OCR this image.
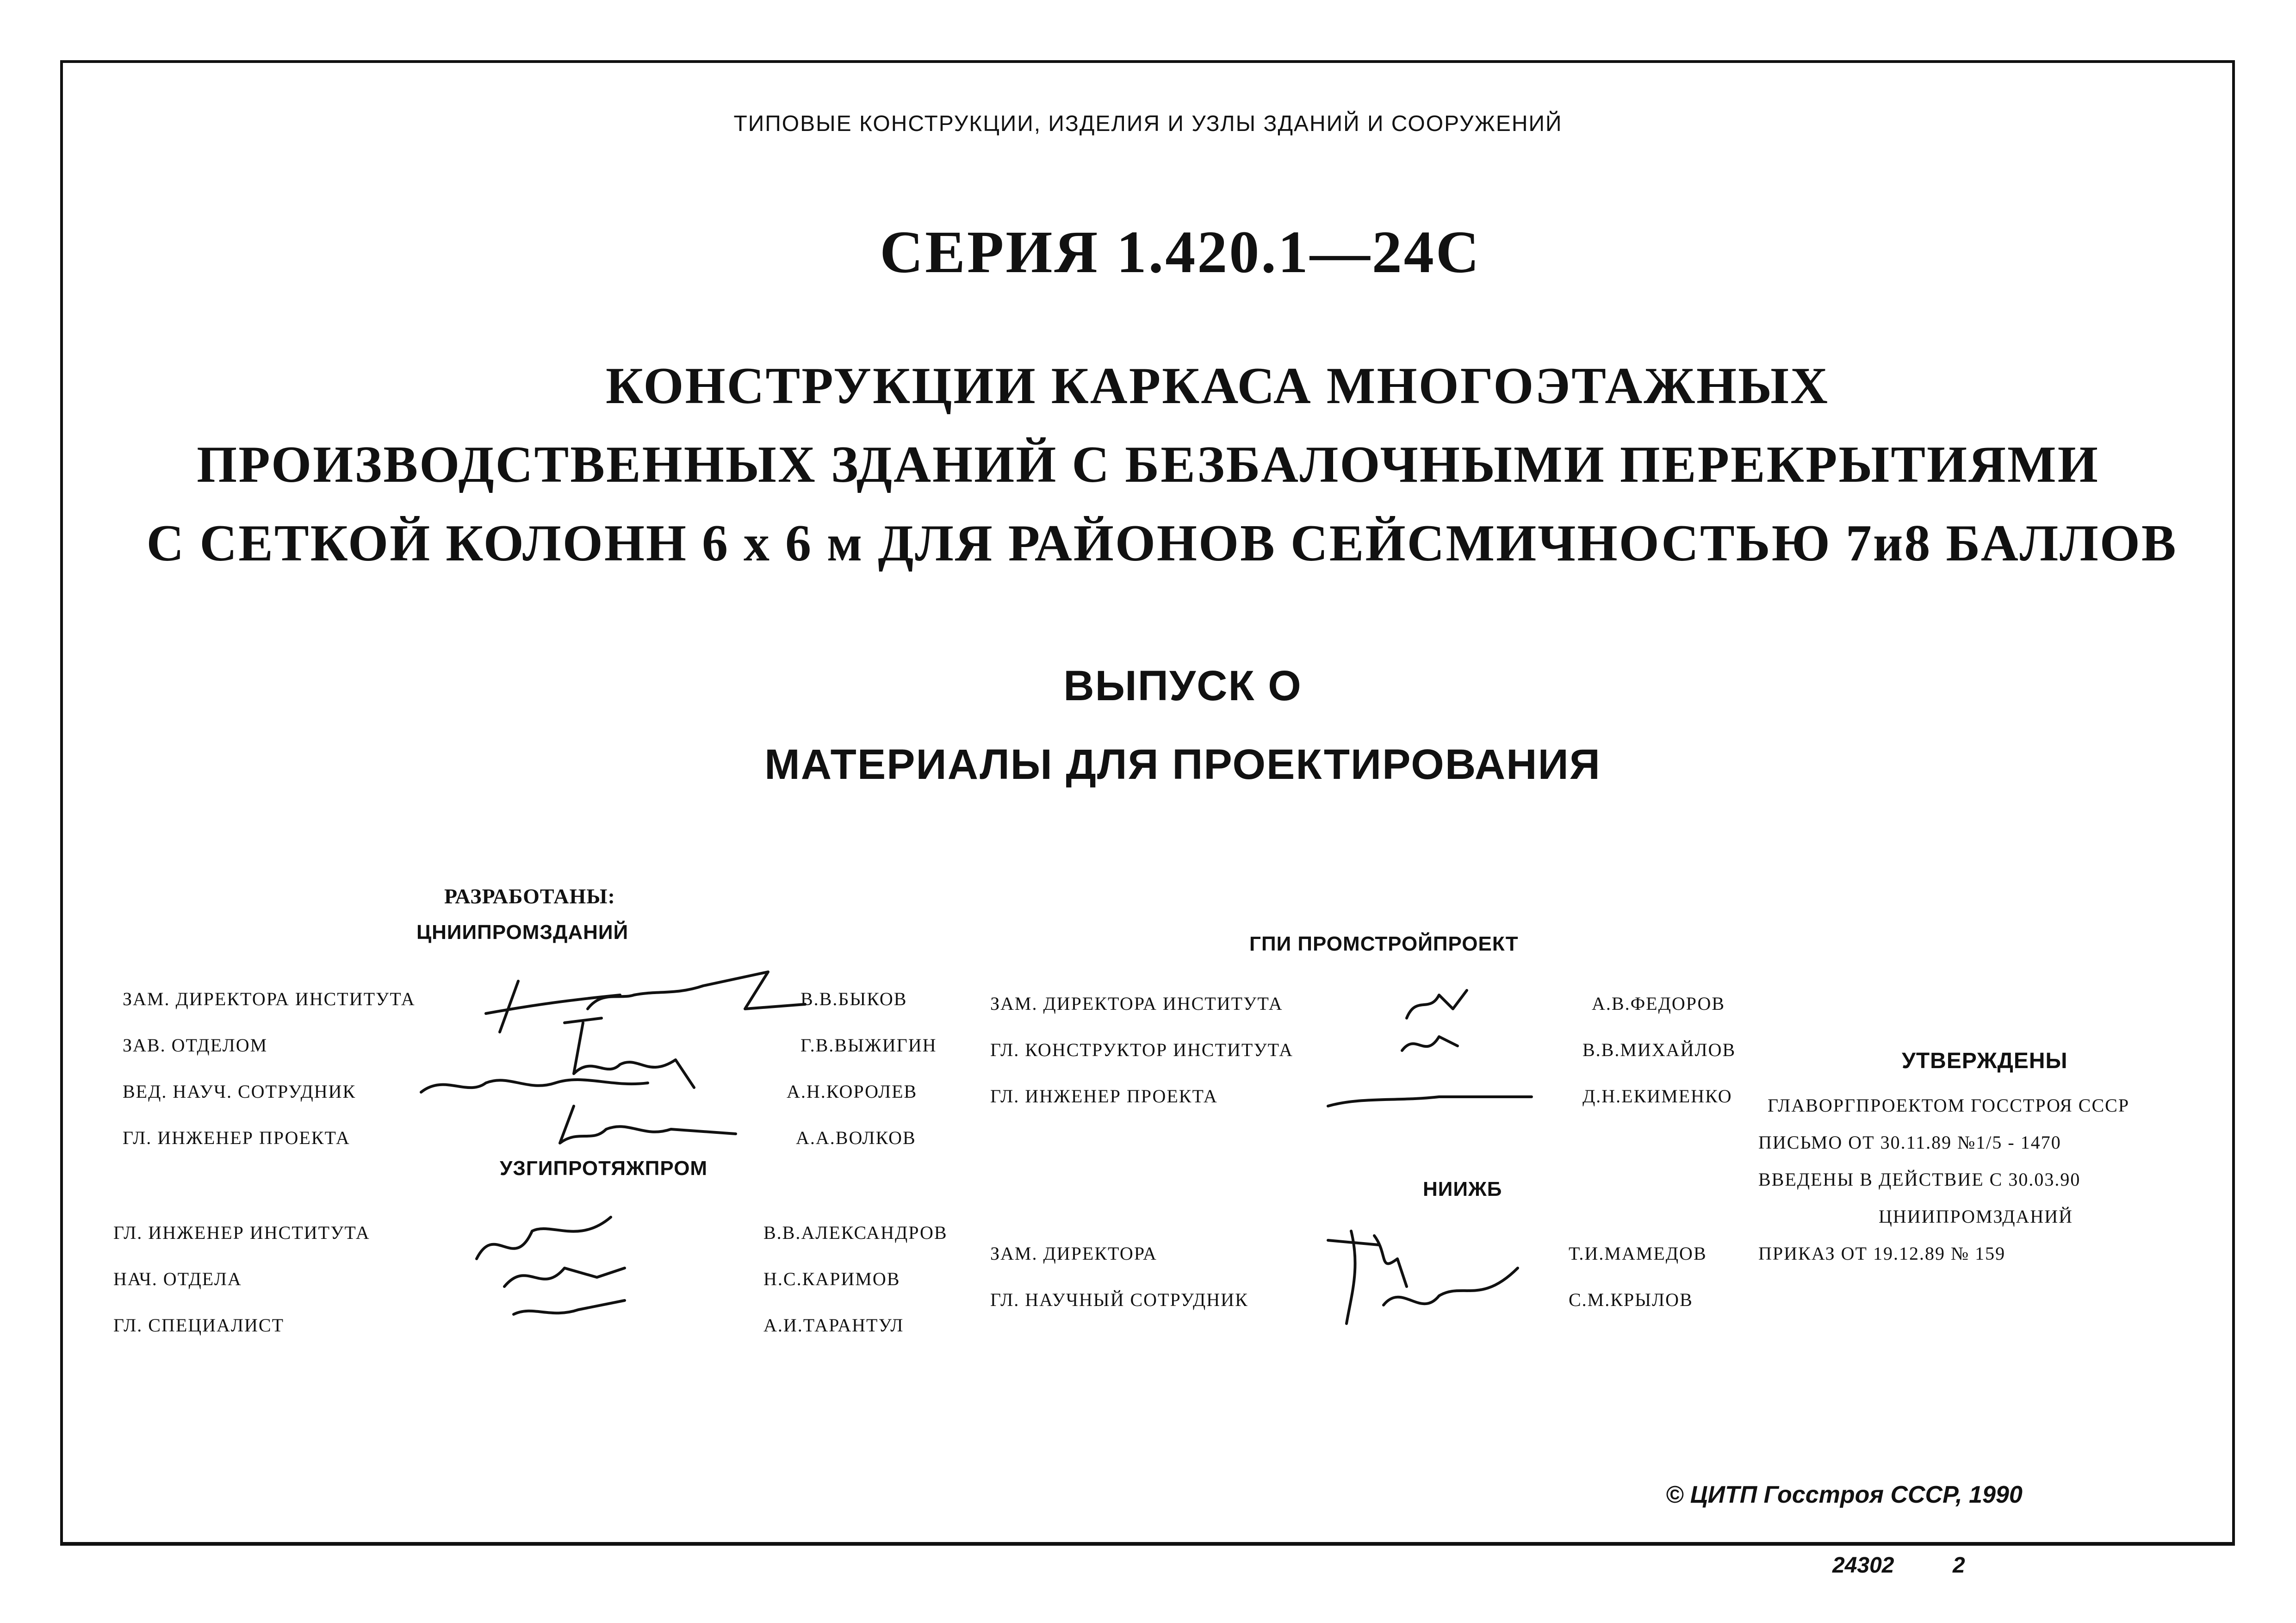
ТИПОВЫЕ КОНСТРУКЦИИ, ИЗДЕЛИЯ И УЗЛЫ ЗДАНИЙ И СООРУЖЕНИЙ
СЕРИЯ 1.420.1—24С
КОНСТРУКЦИИ КАРКАСА МНОГОЭТАЖНЫХ
ПРОИЗВОДСТВЕННЫХ ЗДАНИЙ С БЕЗБАЛОЧНЫМИ ПЕРЕКРЫТИЯМИ
С СЕТКОЙ КОЛОНН 6 х 6 м ДЛЯ РАЙОНОВ СЕЙСМИЧНОСТЬЮ 7и8 БАЛЛОВ
ВЫПУСК О
МАТЕРИАЛЫ ДЛЯ ПРОЕКТИРОВАНИЯ
РАЗРАБОТАНЫ:
ЦНИИПРОМЗДАНИЙ
ЗАМ. ДИРЕКТОРА ИНСТИТУТА	В.В.БЫКОВ
ЗАВ. ОТДЕЛОМ	Г.В.ВЫЖИГИН
ВЕД. НАУЧ. СОТРУДНИК	А.Н.КОРОЛЕВ
ГЛ. ИНЖЕНЕР ПРОЕКТА	А.А.ВОЛКОВ
УЗГИПРОТЯЖПРОМ
ГЛ. ИНЖЕНЕР ИНСТИТУТА	В.В.АЛЕКСАНДРОВ
НАЧ. ОТДЕЛА	Н.С.КАРИМОВ
ГЛ. СПЕЦИАЛИСТ	А.И.ТАРАНТУЛ
ГПИ ПРОМСТРОЙПРОЕКТ
ЗАМ. ДИРЕКТОРА ИНСТИТУТА	А.В.ФЕДОРОВ
ГЛ. КОНСТРУКТОР ИНСТИТУТА	В.В.МИХАЙЛОВ
ГЛ. ИНЖЕНЕР ПРОЕКТА	Д.Н.ЕКИМЕНКО
НИИЖБ
ЗАМ. ДИРЕКТОРА	Т.И.МАМЕДОВ
ГЛ. НАУЧНЫЙ СОТРУДНИК	С.М.КРЫЛОВ
УТВЕРЖДЕНЫ
ГЛАВОРГПРОЕКТОМ ГОССТРОЯ СССР
ПИСЬМО ОТ 30.11.89 №1/5 - 1470
ВВЕДЕНЫ В ДЕЙСТВИЕ С 30.03.90
ЦНИИПРОМЗДАНИЙ
ПРИКАЗ ОТ 19.12.89 № 159
© ЦИТП Госстроя СССР, 1990
24302	2
